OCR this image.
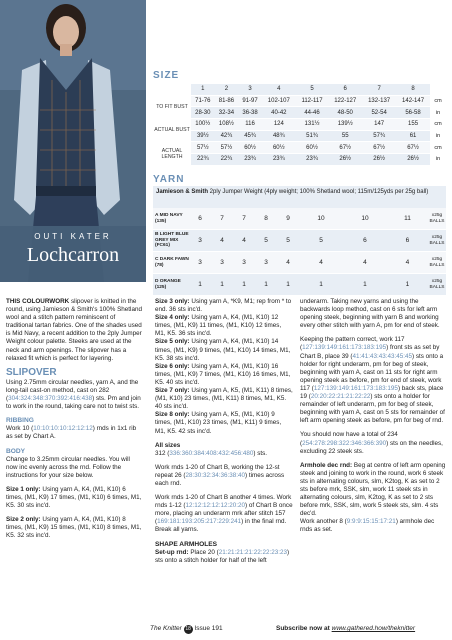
OUTI KATER
Lochcarron
SIZE
	1	2	3	4	5	6	7	8	
TO FIT BUST	71-76	81-86	91-97	102-107	112-117	122-127	132-137	142-147	cm
	28-30	32-34	36-38	40-42	44-46	48-50	52-54	56-58	in
ACTUAL BUST	100½	108½	116	124	131½	139½	147	155	cm
	39½	42¾	45¾	48¾	51¾	55	57¾	61	in
ACTUAL LENGTH	57½	57½	60½	60½	60½	67½	67½	67½	cm
	22¾	22¾	23¾	23¾	23¾	26½	26½	26½	in
YARN
Jamieson & Smith 2ply Jumper Weight (4ply weight; 100% Shetland wool; 115m/125yds per 25g ball)
A MID NAVY (135)	6	7	7	8	9	10	10	11	x25g BALLS
B LIGHT BLUE GREY MIX (FC61)	3	4	4	5	5	5	6	6	x25g BALLS
C DARK FAWN (78)	3	3	3	3	4	4	4	4	x25g BALLS
D ORANGE (125)	1	1	1	1	1	1	1	1	x25g BALLS

THIS COLOURWORK slipover is knitted in the round, using Jamieson & Smith's 100% Shetland wool and a stitch pattern reminiscent of traditional tartan fabrics. One of the shades used is Mid Navy, a recent addition to the 2ply Jumper Weight colour palette. Steeks are used at the neck and arm openings. The slipover has a relaxed fit which is perfect for layering.

SLIPOVER

Using 2.75mm circular needles, yarn A, and the long-tail cast-on method, cast on 282 (304:324:348:370:392:416:438) sts. Pm and join to work in the round, taking care not to twist sts.

RIBBING

Work 10 (10:10:10:10:12:12:12) rnds in 1x1 rib as set by Chart A.

BODY

Change to 3.25mm circular needles. You will now inc evenly across the rnd. Follow the instructions for your size below.

Size 1 only: Using yarn A, K4, (M1, K10) 6 times, (M1, K9) 17 times, (M1, K10) 6 times, M1, K5. 30 sts inc'd.

Size 2 only: Using yarn A, K4, (M1, K10) 8 times, (M1, K9) 15 times, (M1, K10) 8 times, M1, K5. 32 sts inc'd.

Size 3 only: Using yarn A, *K9, M1; rep from * to end. 36 sts inc'd.

Size 4 only: Using yarn A, K4, (M1, K10) 12 times, (M1, K9) 11 times, (M1, K10) 12 times, M1, K5. 36 sts inc'd.

Size 5 only: Using yarn A, K4, (M1, K10) 14 times, (M1, K9) 9 times, (M1, K10) 14 times, M1, K5. 38 sts inc'd.

Size 6 only: Using yarn A, K4, (M1, K10) 16 times, (M1, K9) 7 times, (M1, K10) 16 times, M1, K5. 40 sts inc'd.

Size 7 only: Using yarn A, K5, (M1, K11) 8 times, (M1, K10) 23 times, (M1, K11) 8 times, M1, K5. 40 sts inc'd.

Size 8 only: Using yarn A, K5, (M1, K10) 9 times, (M1, K10) 23 times, (M1, K11) 9 times, M1, K5. 42 sts inc'd.

All sizes

312 (336:360:384:408:432:456:480) sts.

Work rnds 1-20 of Chart B, working the 12-st repeat 26 (28:30:32:34:36:38:40) times across each rnd.

Work rnds 1-20 of Chart B another 4 times. Work rnds 1-12 (12:12:12:12:12:20:20) of Chart B once more, placing an underarm mrk after stitch 157 (169:181:193:205:217:229:241) in the final rnd.

Break all yarns.

SHAPE ARMHOLES

Set-up rnd: Place 20 (21:21:21:21:22:22:23:23) sts onto a stitch holder for half of the left

underarm. Taking new yarns and using the backwards loop method, cast on 6 sts for left arm opening steek, beginning with yarn B and working every other stitch with yarn A, pm for end of steek.

Keeping the pattern correct, work 117 (127:139:149:161:173:183:195) front sts as set by Chart B, place 39 (41:41:43:43:43:45:45) sts onto a holder for right underarm, pm for beg of steek, beginning with yarn A, cast on 11 sts for right arm opening steek as before, pm for end of steek, work 117 (127:139:149:161:173:183:195) back sts, place 19 (20:20:22:21:21:22:22) sts onto a holder for remainder of left underarm, pm for beg of steek, beginning with yarn A, cast on 5 sts for remainder of left arm opening steek as before, pm for beg of rnd.

You should now have a total of 234 (254:278:298:322:346:366:390) sts on the needles, excluding 22 steek sts.

Armhole dec rnd: Beg at centre of left arm opening steek and joining to work in the round, work 6 steek sts in alternating colours, slm, K2tog, K as set to 2 sts before mrk, SSK, slm, work 11 steek sts in alternating colours, slm, K2tog, K as set to 2 sts before mrk, SSK, slm, work 5 steek sts, slm. 4 sts dec'd.

Work another 8 (9:9:9:15:15:17:21) armhole dec rnds as set.

The Knitter 18 Issue 191	Subscribe now at www.gathered.how/theknitter
